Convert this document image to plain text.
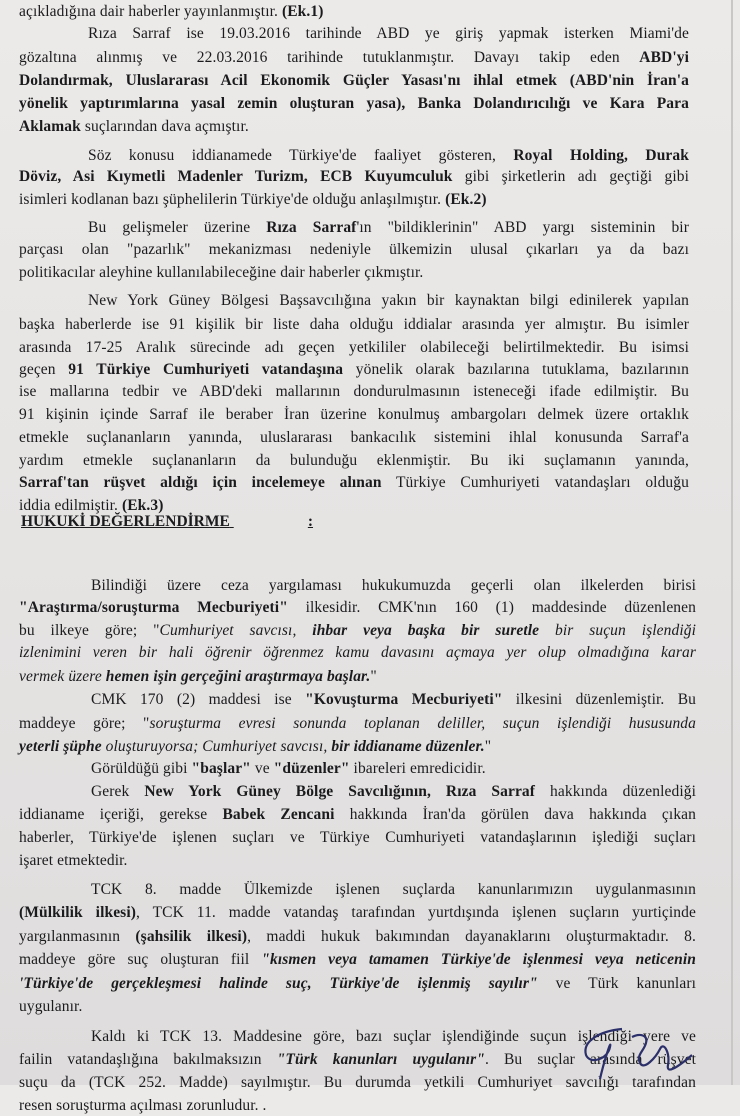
açıkladığına dair haberler yayınlanmıştır. (Ek.1)
Rıza Sarraf ise 19.03.2016 tarihinde ABD ye giriş yapmak isterken Miami'de
gözaltına alınmış ve 22.03.2016 tarihinde tutuklanmıştır. Davayı takip eden ABD'yi
Dolandırmak, Uluslararası Acil Ekonomik Güçler Yasası'nı ihlal etmek (ABD'nin İran'a
yönelik yaptırımlarına yasal zemin oluşturan yasa), Banka Dolandırıcılığı ve Kara Para
Aklamak suçlarından dava açmıştır.
Söz konusu iddianamede Türkiye'de faaliyet gösteren, Royal Holding, Durak
Döviz, Asi Kıymetli Madenler Turizm, ECB Kuyumculuk gibi şirketlerin adı geçtiği gibi
isimleri kodlanan bazı şüphelilerin Türkiye'de olduğu anlaşılmıştır. (Ek.2)
Bu gelişmeler üzerine Rıza Sarraf'ın "bildiklerinin" ABD yargı sisteminin bir
parçası olan "pazarlık" mekanizması nedeniyle ülkemizin ulusal çıkarları ya da bazı
politikacılar aleyhine kullanılabileceğine dair haberler çıkmıştır.
New York Güney Bölgesi Başsavcılığına yakın bir kaynaktan bilgi edinilerek yapılan
başka haberlerde ise 91 kişilik bir liste daha olduğu iddialar arasında yer almıştır. Bu isimler
arasında 17-25 Aralık sürecinde adı geçen yetkililer olabileceği belirtilmektedir. Bu isimsi
geçen 91 Türkiye Cumhuriyeti vatandaşına yönelik olarak bazılarına tutuklama, bazılarının
ise mallarına tedbir ve ABD'deki mallarının dondurulmasının isteneceği ifade edilmiştir. Bu
91 kişinin içinde Sarraf ile beraber İran üzerine konulmuş ambargoları delmek üzere ortaklık
etmekle suçlananların yanında, uluslararası bankacılık sistemini ihlal konusunda Sarraf'a
yardım etmekle suçlananların da bulunduğu eklenmiştir. Bu iki suçlamanın yanında,
Sarraf'tan rüşvet aldığı için incelemeye alınan Türkiye Cumhuriyeti vatandaşları olduğu
iddia edilmiştir. (Ek.3)
Bilindiği üzere ceza yargılaması hukukumuzda geçerli olan ilkelerden birisi
"Araştırma/soruşturma Mecburiyeti" ilkesidir. CMK'nın 160 (1) maddesinde düzenlenen
bu ilkeye göre; "Cumhuriyet savcısı, ihbar veya başka bir suretle bir suçun işlendiği
izlenimini veren bir hali öğrenir öğrenmez kamu davasını açmaya yer olup olmadığına karar
vermek üzere hemen işin gerçeğini araştırmaya başlar."
CMK 170 (2) maddesi ise "Kovuşturma Mecburiyeti" ilkesini düzenlemiştir. Bu
maddeye göre; "soruşturma evresi sonunda toplanan deliller, suçun işlendiği hususunda
yeterli şüphe oluşturuyorsa; Cumhuriyet savcısı, bir iddianame düzenler."
Görüldüğü gibi "başlar" ve "düzenler" ibareleri emredicidir.
Gerek New York Güney Bölge Savcılığının, Rıza Sarraf hakkında düzenlediği
iddianame içeriği, gerekse Babek Zencani hakkında İran'da görülen dava hakkında çıkan
haberler, Türkiye'de işlenen suçları ve Türkiye Cumhuriyeti vatandaşlarının işlediği suçları
işaret etmektedir.
TCK 8. madde Ülkemizde işlenen suçlarda kanunlarımızın uygulanmasının
(Mülkilik ilkesi), TCK 11. madde vatandaş tarafından yurtdışında işlenen suçların yurtiçinde
yargılanmasının (şahsilik ilkesi), maddi hukuk bakımından dayanaklarını oluşturmaktadır. 8.
maddeye göre suç oluşturan fiil "kısmen veya tamamen Türkiye'de işlenmesi veya neticenin
'Türkiye'de gerçekleşmesi halinde suç, Türkiye'de işlenmiş sayılır" ve Türk kanunları
uygulanır.
Kaldı ki TCK 13. Maddesine göre, bazı suçlar işlendiğinde suçun işlendiği yere ve
failin vatandaşlığına bakılmaksızın "Türk kanunları uygulanır". Bu suçlar arasında rüşvet
suçu da (TCK 252. Madde) sayılmıştır. Bu durumda yetkili Cumhuriyet savcılığı tarafından
resen soruşturma açılması zorunludur. .
HUKUKİ DEĞERLENDİRME	:
